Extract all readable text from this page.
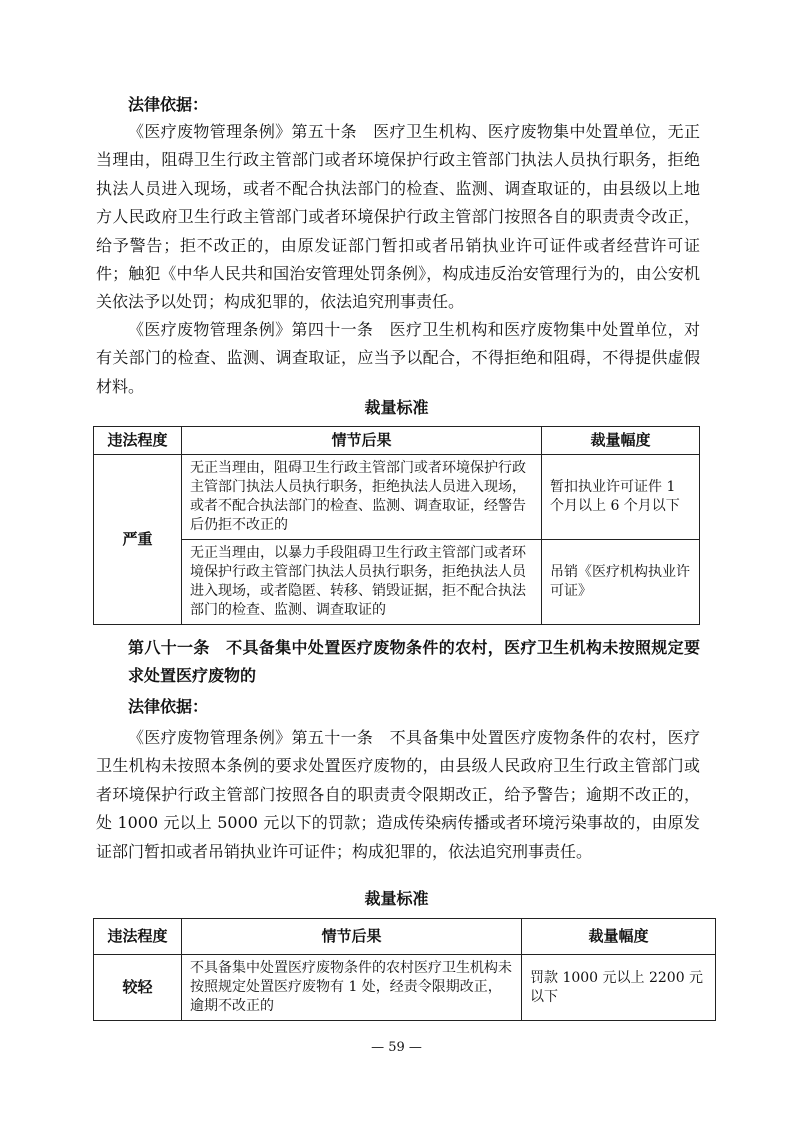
法律依据：

《医疗废物管理条例》第五十条　医疗卫生机构、医疗废物集中处置单位，无正当理由，阻碍卫生行政主管部门或者环境保护行政主管部门执法人员执行职务，拒绝执法人员进入现场，或者不配合执法部门的检查、监测、调查取证的，由县级以上地方人民政府卫生行政主管部门或者环境保护行政主管部门按照各自的职责责令改正，给予警告；拒不改正的，由原发证部门暂扣或者吊销执业许可证件或者经营许可证件；触犯《中华人民共和国治安管理处罚条例》，构成违反治安管理行为的，由公安机关依法予以处罚；构成犯罪的，依法追究刑事责任。

《医疗废物管理条例》第四十一条　医疗卫生机构和医疗废物集中处置单位，对有关部门的检查、监测、调查取证，应当予以配合，不得拒绝和阻碍，不得提供虚假材料。

裁量标准

违法程度	情节后果	裁量幅度
严重	无正当理由，阻碍卫生行政主管部门或者环境保护行政主管部门执法人员执行职务，拒绝执法人员进入现场，或者不配合执法部门的检查、监测、调查取证，经警告后仍拒不改正的	暂扣执业许可证件 1 个月以上 6 个月以下
	无正当理由，以暴力手段阻碍卫生行政主管部门或者环境保护行政主管部门执法人员执行职务，拒绝执法人员进入现场，或者隐匿、转移、销毁证据，拒不配合执法部门的检查、监测、调查取证的	吊销《医疗机构执业许可证》

第八十一条　不具备集中处置医疗废物条件的农村，医疗卫生机构未按照规定要求处置医疗废物的

法律依据：

《医疗废物管理条例》第五十一条　不具备集中处置医疗废物条件的农村，医疗卫生机构未按照本条例的要求处置医疗废物的，由县级人民政府卫生行政主管部门或者环境保护行政主管部门按照各自的职责责令限期改正，给予警告；逾期不改正的，处 1000 元以上 5000 元以下的罚款；造成传染病传播或者环境污染事故的，由原发证部门暂扣或者吊销执业许可证件；构成犯罪的，依法追究刑事责任。

裁量标准

违法程度	情节后果	裁量幅度
较轻	不具备集中处置医疗废物条件的农村医疗卫生机构未按照规定处置医疗废物有 1 处，经责令限期改正，逾期不改正的	罚款 1000 元以上 2200 元以下
— 59 —
